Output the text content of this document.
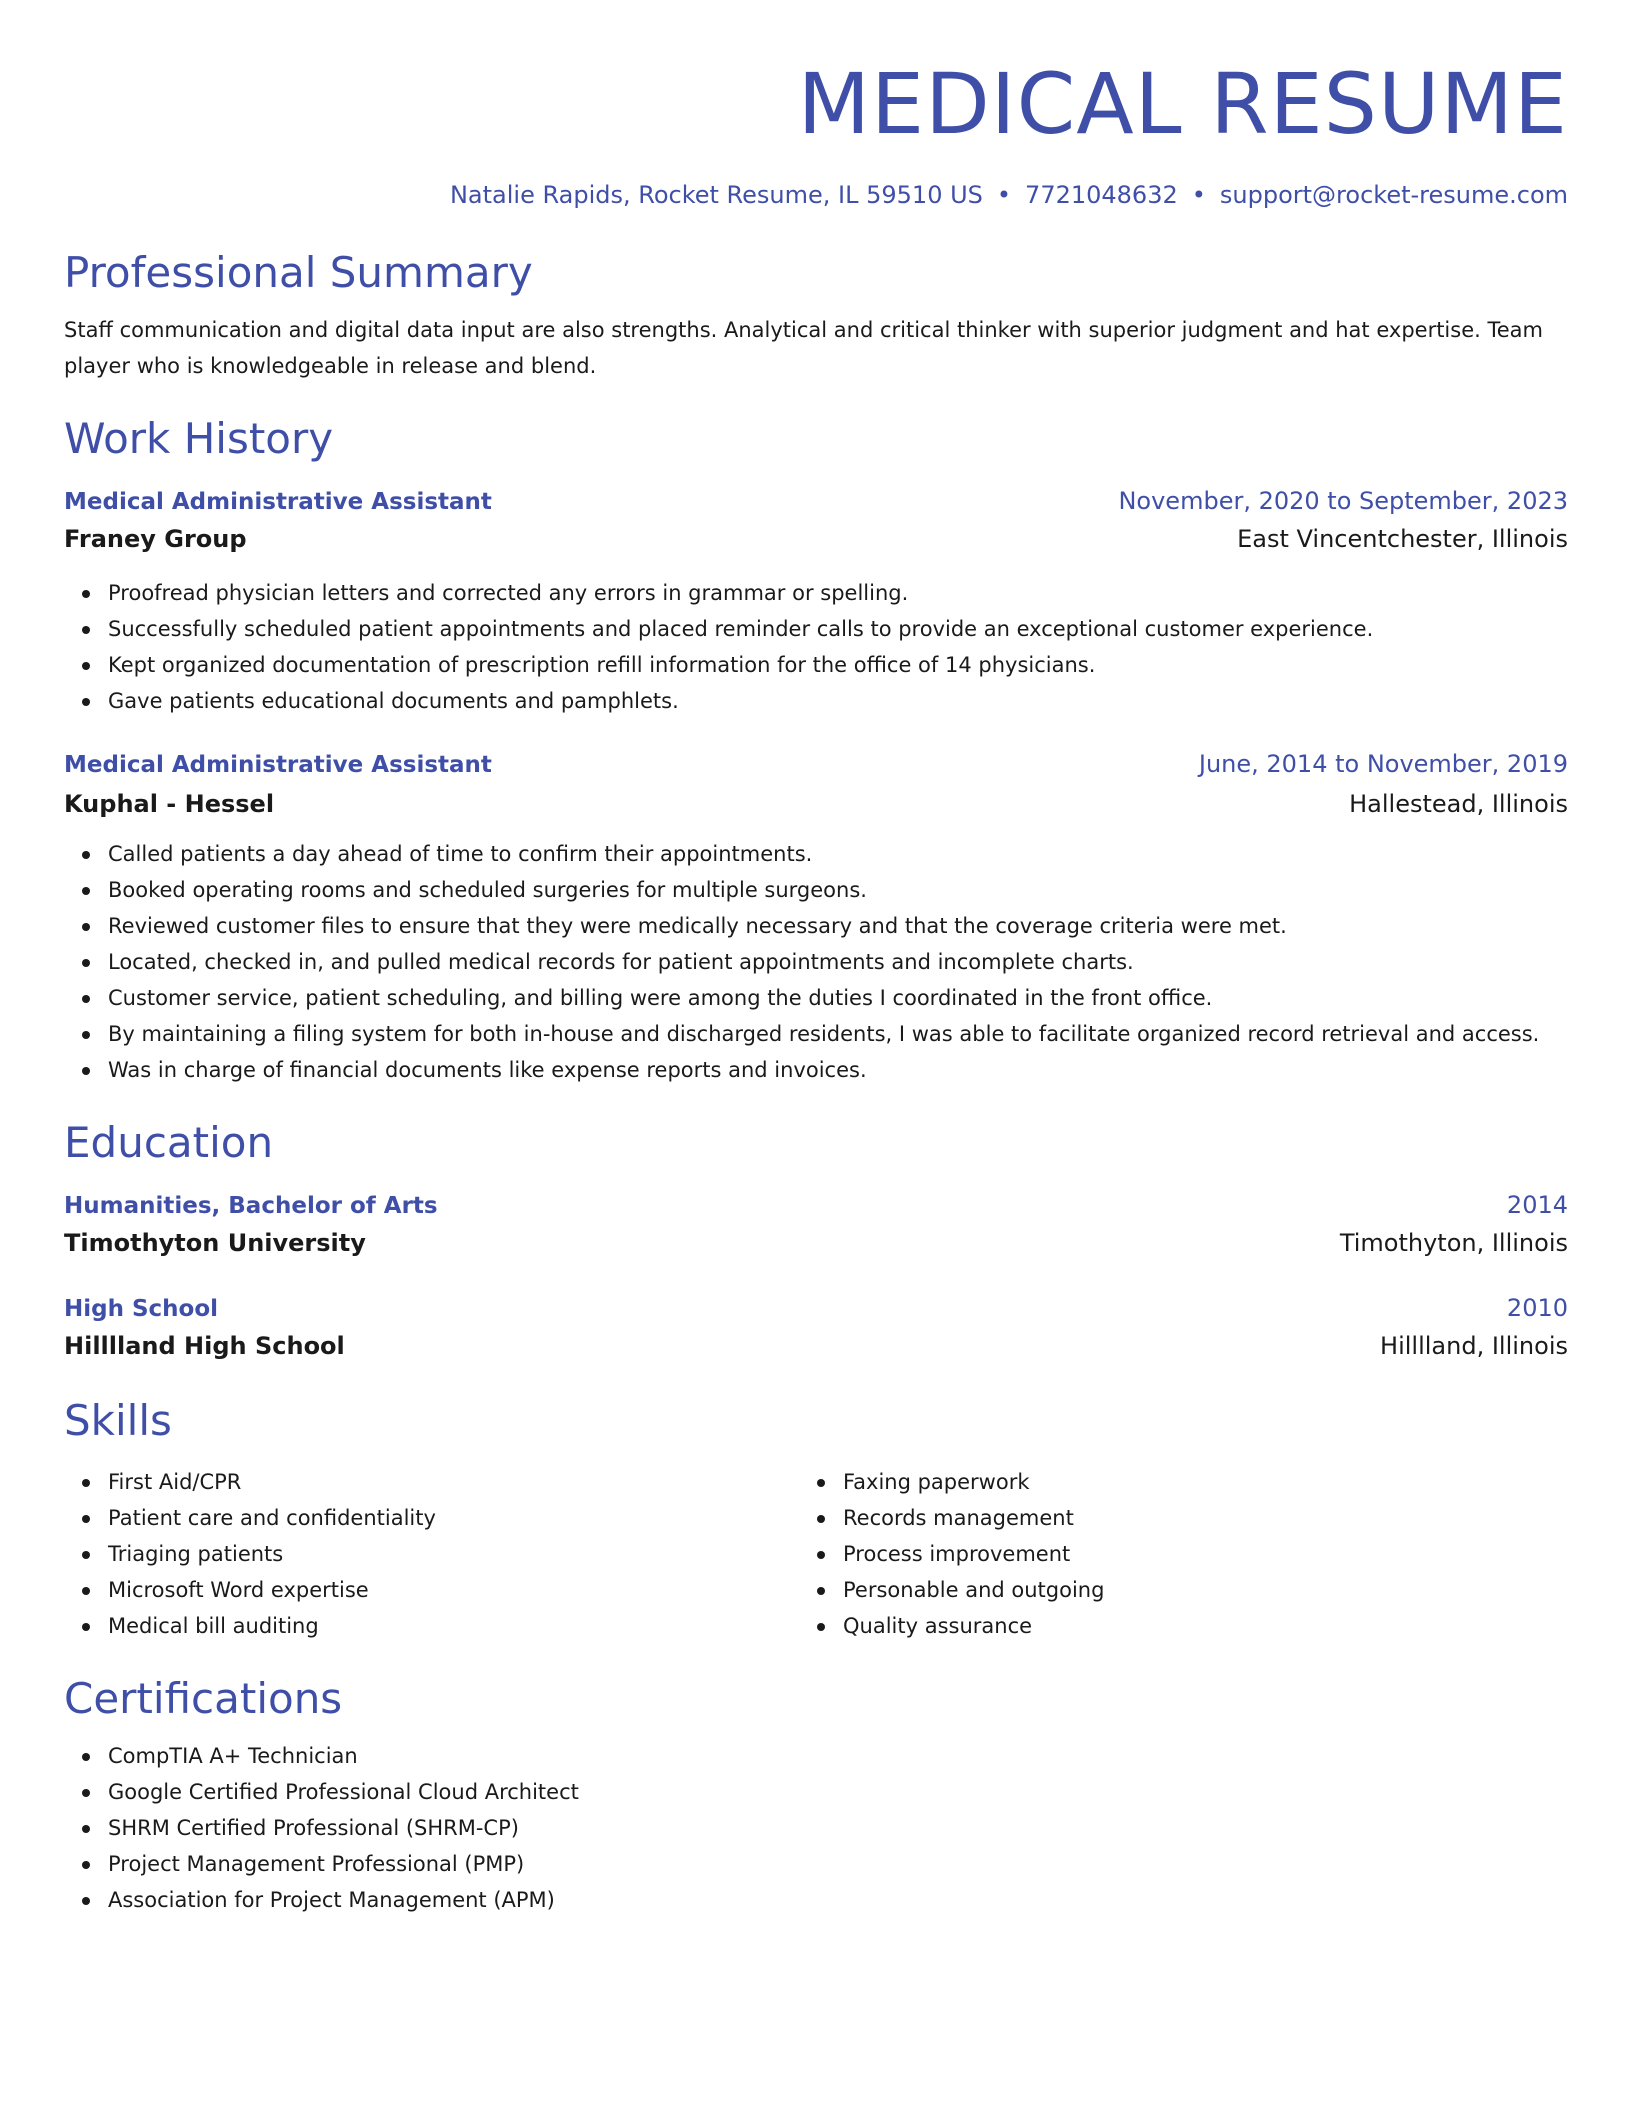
MEDICAL RESUME
Natalie Rapids, Rocket Resume, IL 59510 US • 7721048632 • support@rocket-resume.com
Professional Summary
Staff communication and digital data input are also strengths. Analytical and critical thinker with superior judgment and hat expertise. Team player who is knowledgeable in release and blend.
Work History
Medical Administrative Assistant	November, 2020 to September, 2023
Franey Group	East Vincentchester, Illinois
Proofread physician letters and corrected any errors in grammar or spelling.
Successfully scheduled patient appointments and placed reminder calls to provide an exceptional customer experience.
Kept organized documentation of prescription refill information for the office of 14 physicians.
Gave patients educational documents and pamphlets.
Medical Administrative Assistant	June, 2014 to November, 2019
Kuphal - Hessel	Hallestead, Illinois
Called patients a day ahead of time to confirm their appointments.
Booked operating rooms and scheduled surgeries for multiple surgeons.
Reviewed customer files to ensure that they were medically necessary and that the coverage criteria were met.
Located, checked in, and pulled medical records for patient appointments and incomplete charts.
Customer service, patient scheduling, and billing were among the duties I coordinated in the front office.
By maintaining a filing system for both in-house and discharged residents, I was able to facilitate organized record retrieval and access.
Was in charge of financial documents like expense reports and invoices.
Education
Humanities, Bachelor of Arts	2014
Timothyton University	Timothyton, Illinois
High School	2010
Hilllland High School	Hilllland, Illinois
Skills
First Aid/CPR
Patient care and confidentiality
Triaging patients
Microsoft Word expertise
Medical bill auditing
Faxing paperwork
Records management
Process improvement
Personable and outgoing
Quality assurance
Certifications
CompTIA A+ Technician
Google Certified Professional Cloud Architect
SHRM Certified Professional (SHRM-CP)
Project Management Professional (PMP)
Association for Project Management (APM)
